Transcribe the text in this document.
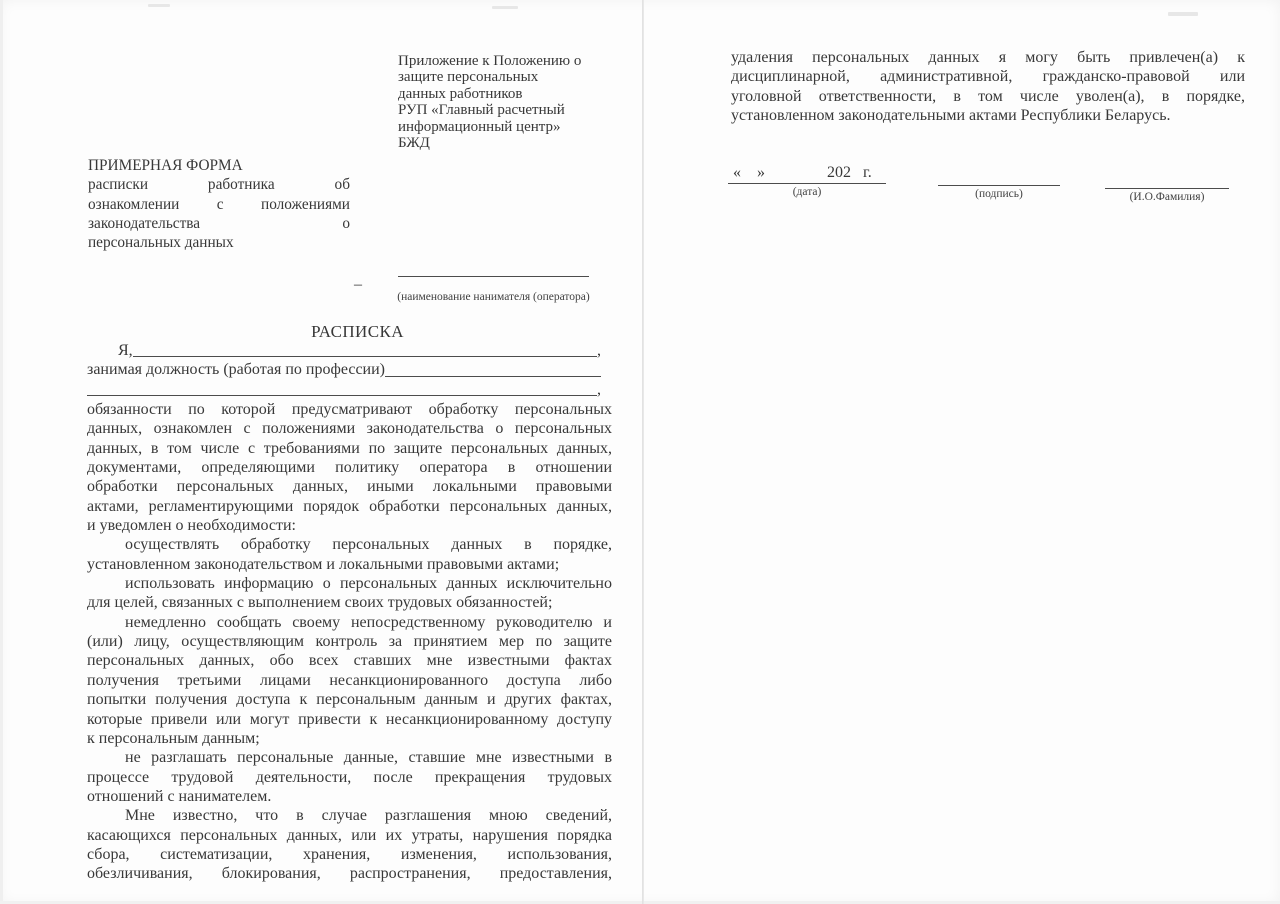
Приложение к Положению о
защите персональных
данных работников
РУП «Главный расчетный
информационный центр»
БЖД
ПРИМЕРНАЯ ФОРМА
расписки работника об
ознакомлении с положениями
законодательства о
персональных данных
–
(наименование нанимателя (оператора)
РАСПИСКА
Я,	,
занимая должность (работая по профессии)
,
обязанности по которой предусматривают обработку персональных
данных, ознакомлен с положениями законодательства о персональных
данных, в том числе с требованиями по защите персональных данных,
документами, определяющими политику оператора в отношении
обработки персональных данных, иными локальными правовыми
актами, регламентирующими порядок обработки персональных данных,
и уведомлен о необходимости:
осуществлять обработку персональных данных в порядке,
установленном законодательством и локальными правовыми актами;
использовать информацию о персональных данных исключительно
для целей, связанных с выполнением своих трудовых обязанностей;
немедленно сообщать своему непосредственному руководителю и
(или) лицу, осуществляющим контроль за принятием мер по защите
персональных данных, обо всех ставших мне известными фактах
получения третьими лицами несанкционированного доступа либо
попытки получения доступа к персональным данным и других фактах,
которые привели или могут привести к несанкционированному доступу
к персональным данным;
не разглашать персональные данные, ставшие мне известными в
процессе трудовой деятельности, после прекращения трудовых
отношений с нанимателем.
Мне известно, что в случае разглашения мною сведений,
касающихся персональных данных, или их утраты, нарушения порядка
сбора, систематизации, хранения, изменения, использования,
обезличивания, блокирования, распространения, предоставления,
удаления персональных данных я могу быть привлечен(а) к
дисциплинарной, административной, гражданско-правовой или
уголовной ответственности, в том числе уволен(а), в порядке,
установленном законодательными актами Республики Беларусь.
« »	202 г.
(дата)	(подпись)	(И.О.Фамилия)
